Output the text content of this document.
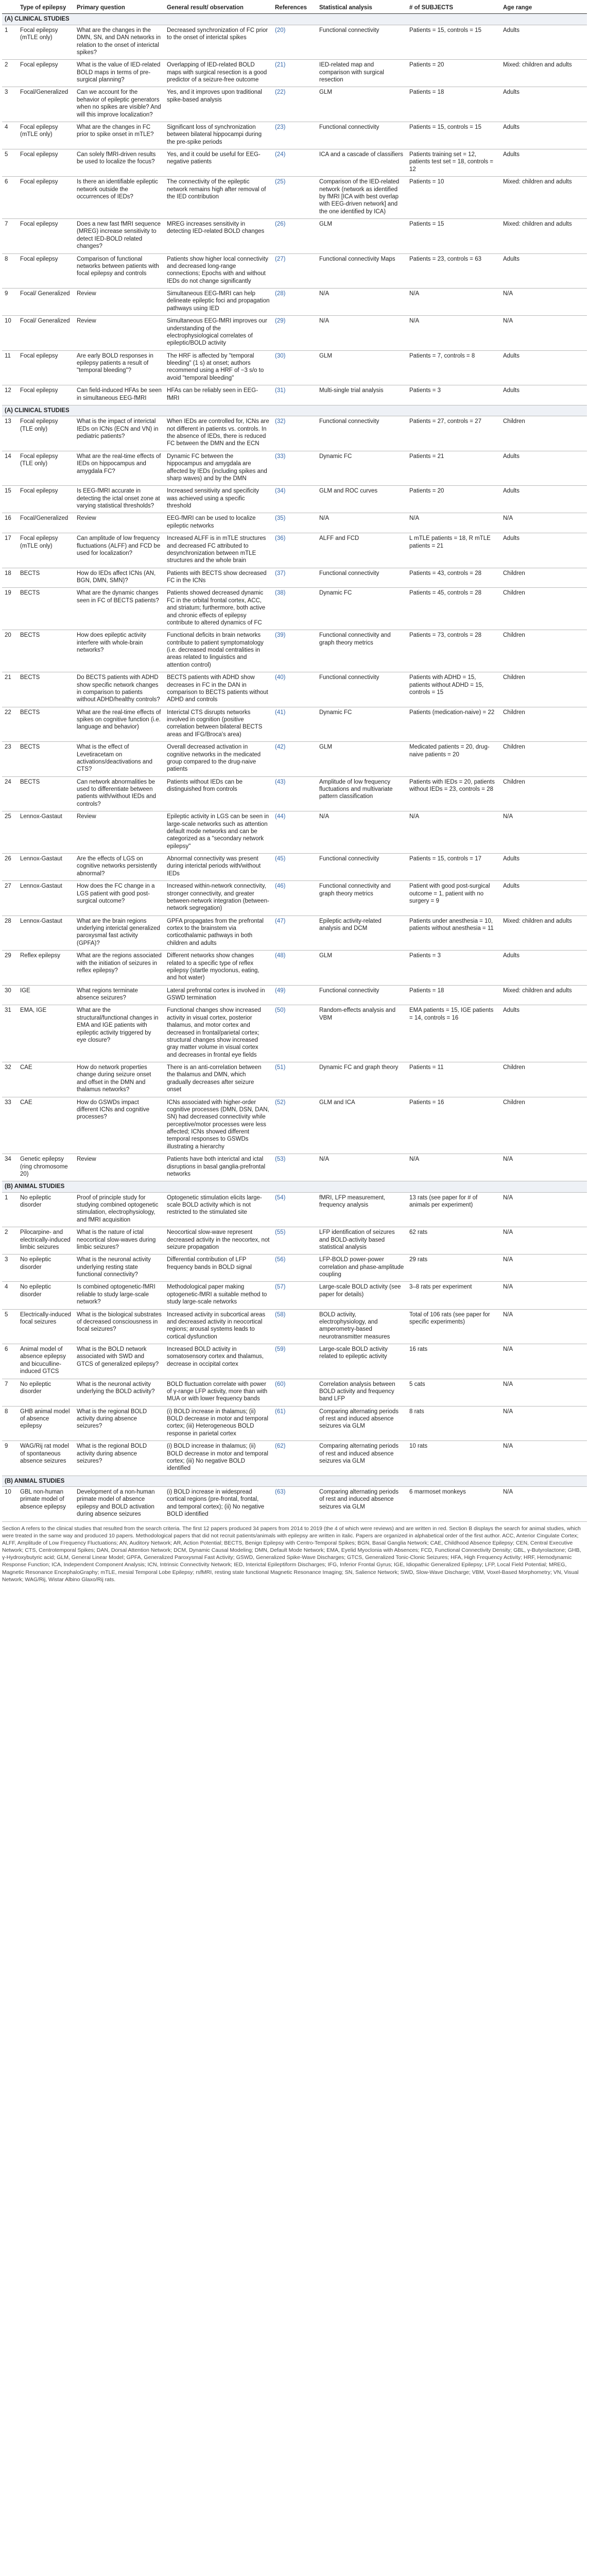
	Type of epilepsy	Primary question	General result/ observation	References	Statistical analysis	# of SUBJECTS	Age range
(A) CLINICAL STUDIES							
1	Focal epilepsy (mTLE only)	What are the changes in the DMN, SN, and DAN networks in relation to the onset of interictal spikes?	Decreased synchronization of FC prior to the onset of interictal spikes	(20)	Functional connectivity	Patients = 15, controls = 15	Adults
2	Focal epilepsy	What is the value of IED-related BOLD maps in terms of pre-surgical planning?	Overlapping of IED-related BOLD maps with surgical resection is a good predictor of a seizure-free outcome	(21)	IED-related map and comparison with surgical resection	Patients = 20	Mixed: children and adults
3	Focal/Generalized	Can we account for the behavior of epileptic generators when no spikes are visible? And will this improve localization?	Yes, and it improves upon traditional spike-based analysis	(22)	GLM	Patients = 18	Adults
4	Focal epilepsy (mTLE only)	What are the changes in FC prior to spike onset in mTLE?	Significant loss of synchronization between bilateral hippocampi during the pre-spike periods	(23)	Functional connectivity	Patients = 15, controls = 15	Adults
5	Focal epilepsy	Can solely fMRI-driven results be used to localize the focus?	Yes, and it could be useful for EEG-negative patients	(24)	ICA and a cascade of classifiers	Patients training set = 12, patients test set = 18, controls = 12	Adults
6	Focal epilepsy	Is there an identifiable epileptic network outside the occurrences of IEDs?	The connectivity of the epileptic network remains high after removal of the IED contribution	(25)	Comparison of the IED-related network (network as identified by fMRI [ICA with best overlap with EEG-driven network] and the one identified by ICA)	Patients = 10	Mixed: children and adults
7	Focal epilepsy	Does a new fast fMRI sequence (MREG) increase sensitivity to detect IED-BOLD related changes?	MREG increases sensitivity in detecting IED-related BOLD changes	(26)	GLM	Patients = 15	Mixed: children and adults
8	Focal epilepsy	Comparison of functional networks between patients with focal epilepsy and controls	Patients show higher local connectivity and decreased long-range connections; Epochs with and without IEDs do not change significantly	(27)	Functional connectivity Maps	Patients = 23, controls = 63	Adults
9	Focal/ Generalized	Review	Simultaneous EEG-fMRI can help delineate epileptic foci and propagation pathways using IED	(28)	N/A	N/A	N/A
10	Focal/ Generalized	Review	Simultaneous EEG-fMRI improves our understanding of the electrophysiological correlates of epileptic/BOLD activity	(29)	N/A	N/A	N/A
11	Focal epilepsy	Are early BOLD responses in epilepsy patients a result of "temporal bleeding"?	The HRF is affected by "temporal bleeding" (1 s) at onset; authors recommend using a HRF of −3 s/o to avoid "temporal bleeding"	(30)	GLM	Patients = 7, controls = 8	Adults
12	Focal epilepsy	Can field-induced HFAs be seen in simultaneous EEG-fMRI	HFAs can be reliably seen in EEG-fMRI	(31)	Multi-single trial analysis	Patients = 3	Adults
(A) CLINICAL STUDIES							
13	Focal epilepsy (TLE only)	What is the impact of interictal IEDs on ICNs (ECN and VN) in pediatric patients?	When IEDs are controlled for, ICNs are not different in patients vs. controls. In the absence of IEDs, there is reduced FC between the DMN and the ECN	(32)	Functional connectivity	Patients = 27, controls = 27	Children
14	Focal epilepsy (TLE only)	What are the real-time effects of IEDs on hippocampus and amygdala FC?	Dynamic FC between the hippocampus and amygdala are affected by IEDs (including spikes and sharp waves) and by the DMN	(33)	Dynamic FC	Patients = 21	Adults
15	Focal epilepsy	Is EEG-fMRI accurate in detecting the ictal onset zone at varying statistical thresholds?	Increased sensitivity and specificity was achieved using a specific threshold	(34)	GLM and ROC curves	Patients = 20	Adults
16	Focal/Generalized	Review	EEG-fMRI can be used to localize epileptic networks	(35)	N/A	N/A	N/A
17	Focal epilepsy (mTLE only)	Can amplitude of low frequency fluctuations (ALFF) and FCD be used for localization?	Increased ALFF is in mTLE structures and decreased FC attributed to desynchronization between mTLE structures and the whole brain	(36)	ALFF and FCD	L mTLE patients = 18, R mTLE patients = 21	Adults
18	BECTS	How do IEDs affect ICNs (AN, BGN, DMN, SMN)?	Patients with BECTS show decreased FC in the ICNs	(37)	Functional connectivity	Patients = 43, controls = 28	Children
19	BECTS	What are the dynamic changes seen in FC of BECTS patients?	Patients showed decreased dynamic FC in the orbital frontal cortex, ACC, and striatum; furthermore, both active and chronic effects of epilepsy contribute to altered dynamics of FC	(38)	Dynamic FC	Patients = 45, controls = 28	Children
20	BECTS	How does epileptic activity interfere with whole-brain networks?	Functional deficits in brain networks contribute to patient symptomatology (i.e. decreased modal centralities in areas related to linguistics and attention control)	(39)	Functional connectivity and graph theory metrics	Patients = 73, controls = 28	Children
21	BECTS	Do BECTS patients with ADHD show specific network changes in comparison to patients without ADHD/healthy controls?	BECTS patients with ADHD show decreases in FC in the DAN in comparison to BECTS patients without ADHD and controls	(40)	Functional connectivity	Patients with ADHD = 15, patients without ADHD = 15, controls = 15	Children
22	BECTS	What are the real-time effects of spikes on cognitive function (i.e. language and behavior)	Interictal CTS disrupts networks involved in cognition (positive correlation between bilateral BECTS areas and IFG/Broca's area)	(41)	Dynamic FC	Patients (medication-naive) = 22	Children
23	BECTS	What is the effect of Levetiracetam on activations/deactivations and CTS?	Overall decreased activation in cognitive networks in the medicated group compared to the drug-naive patients	(42)	GLM	Medicated patients = 20, drug-naive patients = 20	Children
24	BECTS	Can network abnormalities be used to differentiate between patients with/without IEDs and controls?	Patients without IEDs can be distinguished from controls	(43)	Amplitude of low frequency fluctuations and multivariate pattern classification	Patients with IEDs = 20, patients without IEDs = 23, controls = 28	Children
25	Lennox-Gastaut	Review	Epileptic activity in LGS can be seen in large-scale networks such as attention default mode networks and can be categorized as a "secondary network epilepsy"	(44)	N/A	N/A	N/A
26	Lennox-Gastaut	Are the effects of LGS on cognitive networks persistently abnormal?	Abnormal connectivity was present during interictal periods with/without IEDs	(45)	Functional connectivity	Patients = 15, controls = 17	Adults
27	Lennox-Gastaut	How does the FC change in a LGS patient with good post-surgical outcome?	Increased within-network connectivity, stronger connectivity, and greater between-network integration (between-network segregation)	(46)	Functional connectivity and graph theory metrics	Patient with good post-surgical outcome = 1, patient with no surgery = 9	Adults
28	Lennox-Gastaut	What are the brain regions underlying interictal generalized paroxysmal fast activity (GPFA)?	GPFA propagates from the prefrontal cortex to the brainstem via corticothalamic pathways in both children and adults	(47)	Epileptic activity-related analysis and DCM	Patients under anesthesia = 10, patients without anesthesia = 11	Mixed: children and adults
29	Reflex epilepsy	What are the regions associated with the initiation of seizures in reflex epilepsy?	Different networks show changes related to a specific type of reflex epilepsy (startle myoclonus, eating, and hot water)	(48)	GLM	Patients = 3	Adults
30	IGE	What regions terminate absence seizures?	Lateral prefrontal cortex is involved in GSWD termination	(49)	Functional connectivity	Patients = 18	Mixed: children and adults
31	EMA, IGE	What are the structural/functional changes in EMA and IGE patients with epileptic activity triggered by eye closure?	Functional changes show increased activity in visual cortex, posterior thalamus, and motor cortex and decreased in frontal/parietal cortex; structural changes show increased gray matter volume in visual cortex and decreases in frontal eye fields	(50)	Random-effects analysis and VBM	EMA patients = 15, IGE patients = 14, controls = 16	Adults
32	CAE	How do network properties change during seizure onset and offset in the DMN and thalamus networks?	There is an anti-correlation between the thalamus and DMN, which gradually decreases after seizure onset	(51)	Dynamic FC and graph theory	Patients = 11	Children
33	CAE	How do GSWDs impact different ICNs and cognitive processes?	ICNs associated with higher-order cognitive processes (DMN, DSN, DAN, SN) had decreased connectivity while perceptive/motor processes were less affected; ICNs showed different temporal responses to GSWDs illustrating a hierarchy	(52)	GLM and ICA	Patients = 16	Children
34	Genetic epilepsy (ring chromosome 20)	Review	Patients have both interictal and ictal disruptions in basal ganglia-prefrontal networks	(53)	N/A	N/A	N/A
(B) ANIMAL STUDIES							
1	No epileptic disorder	Proof of principle study for studying combined optogenetic stimulation, electrophysiology, and fMRI acquisition	Optogenetic stimulation elicits large-scale BOLD activity which is not restricted to the stimulated site	(54)	fMRI, LFP measurement, frequency analysis	13 rats (see paper for # of animals per experiment)	N/A
2	Pilocarpine- and electrically-induced limbic seizures	What is the nature of ictal neocortical slow-waves during limbic seizures?	Neocortical slow-wave represent decreased activity in the neocortex, not seizure propagation	(55)	LFP identification of seizures and BOLD-activity based statistical analysis	62 rats	N/A
3	No epileptic disorder	What is the neuronal activity underlying resting state functional connectivity?	Differential contribution of LFP frequency bands in BOLD signal	(56)	LFP-BOLD power-power correlation and phase-amplitude coupling	29 rats	N/A
4	No epileptic disorder	Is combined optogenetic-fMRI reliable to study large-scale network?	Methodological paper making optogenetic-fMRI a suitable method to study large-scale networks	(57)	Large-scale BOLD activity (see paper for details)	3–8 rats per experiment	N/A
5	Electrically-induced focal seizures	What is the biological substrates of decreased consciousness in focal seizures?	Increased activity in subcortical areas and decreased activity in neocortical regions; arousal systems leads to cortical dysfunction	(58)	BOLD activity, electrophysiology, and amperometry-based neurotransmitter measures	Total of 106 rats (see paper for specific experiments)	N/A
6	Animal model of absence epilepsy and bicuculline-induced GTCS	What is the BOLD network associated with SWD and GTCS of generalized epilepsy?	Increased BOLD activity in somatosensory cortex and thalamus, decrease in occipital cortex	(59)	Large-scale BOLD activity related to epileptic activity	16 rats	N/A
7	No epileptic disorder	What is the neuronal activity underlying the BOLD activity?	BOLD fluctuation correlate with power of γ-range LFP activity, more than with MUA or with lower frequency bands	(60)	Correlation analysis between BOLD activity and frequency band LFP	5 cats	N/A
8	GHB animal model of absence epilepsy	What is the regional BOLD activity during absence seizures?	(i) BOLD increase in thalamus; (ii) BOLD decrease in motor and temporal cortex; (iii) Heterogeneous BOLD response in parietal cortex	(61)	Comparing alternating periods of rest and induced absence seizures via GLM	8 rats	N/A
9	WAG/Rij rat model of spontaneous absence seizures	What is the regional BOLD activity during absence seizures?	(i) BOLD increase in thalamus; (ii) BOLD decrease in motor and temporal cortex; (iii) No negative BOLD identified	(62)	Comparing alternating periods of rest and induced absence seizures via GLM	10 rats	N/A
(B) ANIMAL STUDIES							
10	GBL non-human primate model of absence epilepsy	Development of a non-human primate model of absence epilepsy and BOLD activation during absence seizures	(i) BOLD increase in widespread cortical regions (pre-frontal, frontal, and temporal cortex); (ii) No negative BOLD identified	(63)	Comparing alternating periods of rest and induced absence seizures via GLM	6 marmoset monkeys	N/A
Section A refers to the clinical studies that resulted from the search criteria. The first 12 papers produced 34 papers from 2014 to 2019 (the 4 of which were reviews) and are written in red. Section B displays the search for animal studies, which were treated in the same way and produced 10 papers. Methodological papers that did not recruit patients/animals with epilepsy are written in italic. Papers are organized in alphabetical order of the first author. ACC, Anterior Cingulate Cortex; ALFF, Amplitude of Low Frequency Fluctuations; AN, Auditory Network; AR, Action Potential; BECTS, Benign Epilepsy with Centro-Temporal Spikes; BGN, Basal Ganglia Network; CAE, Childhood Absence Epilepsy; CEN, Central Executive Network; CTS, Centrotemporal Spikes; DAN, Dorsal Attention Network; DCM, Dynamic Causal Modeling; DMN, Default Mode Network; EMA, Eyelid Myoclonia with Absences; FCD, Functional Connectivity Density; GBL, γ-Butyrolactone; GHB, γ-Hydroxybutyric acid; GLM, General Linear Model; GPFA, Generalized Paroxysmal Fast Activity; GSWD, Generalized Spike-Wave Discharges; GTCS, Generalized Tonic-Clonic Seizures; HFA, High Frequency Activity; HRF, Hemodynamic Response Function; ICA, Independent Component Analysis; ICN, Intrinsic Connectivity Network; IED, Interictal Epileptiform Discharges; IFG, Inferior Frontal Gyrus; IGE, Idiopathic Generalized Epilepsy; LFP, Local Field Potential; MREG, Magnetic Resonance EncephaloGraphy; mTLE, mesial Temporal Lobe Epilepsy; rsfMRI, resting state functional Magnetic Resonance Imaging; SN, Salience Network; SWD, Slow-Wave Discharge; VBM, Voxel-Based Morphometry; VN, Visual Network; WAG/Rij, Wistar Albino Glaxo/Rij rats.
